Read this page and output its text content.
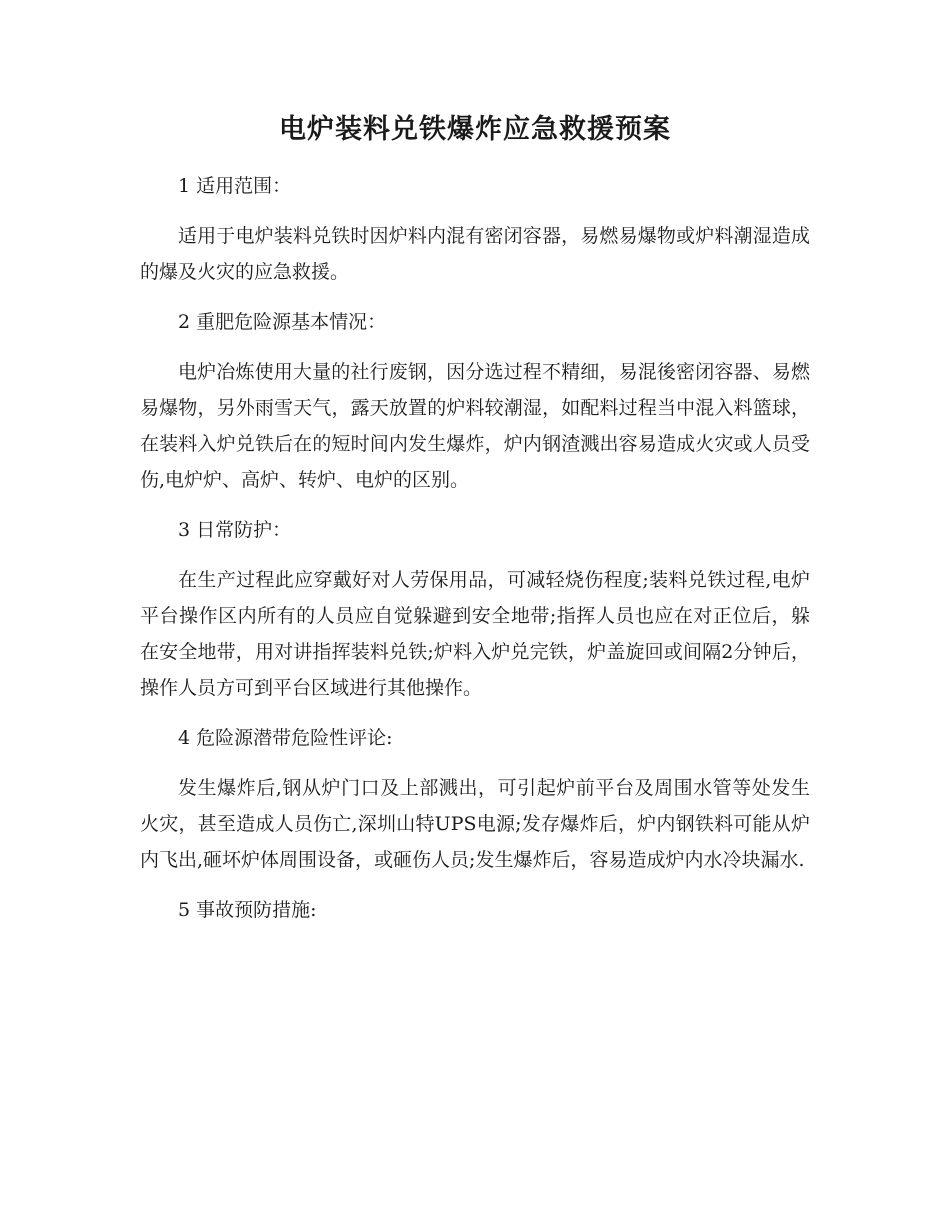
电炉装料兑铁爆炸应急救援预案

1 适用范围：

适用于电炉装料兑铁时因炉料内混有密闭容器，易燃易爆物或炉料潮湿造成的爆及火灾的应急救援。

2 重肥危险源基本情况：

电炉冶炼使用大量的社行废钢，因分选过程不精细，易混後密闭容器、易燃易爆物，另外雨雪天气，露天放置的炉料较潮湿，如配料过程当中混入料篮球，在装料入炉兑铁后在的短时间内发生爆炸，炉内钢渣溅出容易造成火灾或人员受伤,电炉炉、高炉、转炉、电炉的区别。

3 日常防护：

在生产过程此应穿戴好对人劳保用品，可减轻烧伤程度;装料兑铁过程,电炉平台操作区内所有的人员应自觉躲避到安全地带;指挥人员也应在对正位后，躲在安全地带，用对讲指挥装料兑铁;炉料入炉兑完铁，炉盖旋回或间隔2分钟后，操作人员方可到平台区域进行其他操作。

4 危险源潜带危险性评论:

发生爆炸后,钢从炉门口及上部溅出，可引起炉前平台及周围水管等处发生火灾，甚至造成人员伤亡,深圳山特UPS电源;发存爆炸后，炉内钢铁料可能从炉内飞出,砸坏炉体周围设备，或砸伤人员;发生爆炸后，容易造成炉内水冷块漏水.

5 事故预防措施:
